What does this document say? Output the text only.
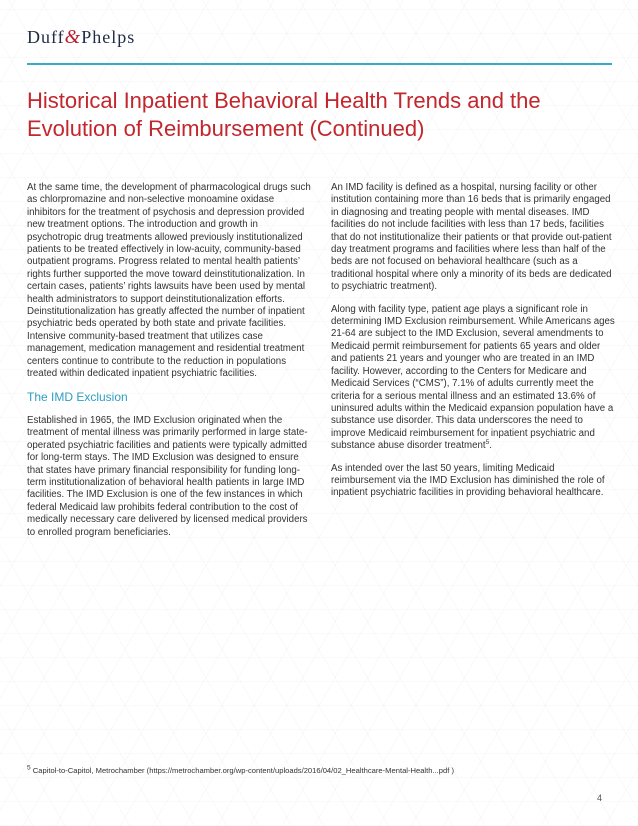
Duff&Phelps
Historical Inpatient Behavioral Health Trends and the Evolution of Reimbursement (Continued)

At the same time, the development of pharmacological drugs such as chlorpromazine and non-selective monoamine oxidase inhibitors for the treatment of psychosis and depression provided new treatment options. The introduction and growth in psychotropic drug treatments allowed previously institutionalized patients to be treated effectively in low-acuity, community-based outpatient programs. Progress related to mental health patients’ rights further supported the move toward deinstitutionalization. In certain cases, patients’ rights lawsuits have been used by mental health administrators to support deinstitutionalization efforts. Deinstitutionalization has greatly affected the number of inpatient psychiatric beds operated by both state and private facilities. Intensive community-based treatment that utilizes case management, medication management and residential treatment centers continue to contribute to the reduction in populations treated within dedicated inpatient psychiatric facilities.

The IMD Exclusion

Established in 1965, the IMD Exclusion originated when the treatment of mental illness was primarily performed in large state-operated psychiatric facilities and patients were typically admitted for long-term stays. The IMD Exclusion was designed to ensure that states have primary financial responsibility for funding long-term institutionalization of behavioral health patients in large IMD facilities. The IMD Exclusion is one of the few instances in which federal Medicaid law prohibits federal contribution to the cost of medically necessary care delivered by licensed medical providers to enrolled program beneficiaries.

An IMD facility is defined as a hospital, nursing facility or other institution containing more than 16 beds that is primarily engaged in diagnosing and treating people with mental diseases. IMD facilities do not include facilities with less than 17 beds, facilities that do not institutionalize their patients or that provide out-patient day treatment programs and facilities where less than half of the beds are not focused on behavioral healthcare (such as a traditional hospital where only a minority of its beds are dedicated to psychiatric treatment).

Along with facility type, patient age plays a significant role in determining IMD Exclusion reimbursement. While Americans ages 21-64 are subject to the IMD Exclusion, several amendments to Medicaid permit reimbursement for patients 65 years and older and patients 21 years and younger who are treated in an IMD facility. However, according to the Centers for Medicare and Medicaid Services (“CMS”), 7.1% of adults currently meet the criteria for a serious mental illness and an estimated 13.6% of uninsured adults within the Medicaid expansion population have a substance use disorder. This data underscores the need to improve Medicaid reimbursement for inpatient psychiatric and substance abuse disorder treatment$^5$.

As intended over the last 50 years, limiting Medicaid reimbursement via the IMD Exclusion has diminished the role of inpatient psychiatric facilities in providing behavioral healthcare.

$^5$ Capitol-to-Capitol, Metrochamber (https://metrochamber.org/wp-content/uploads/2016/04/02_Healthcare-Mental-Health...pdf )
4
